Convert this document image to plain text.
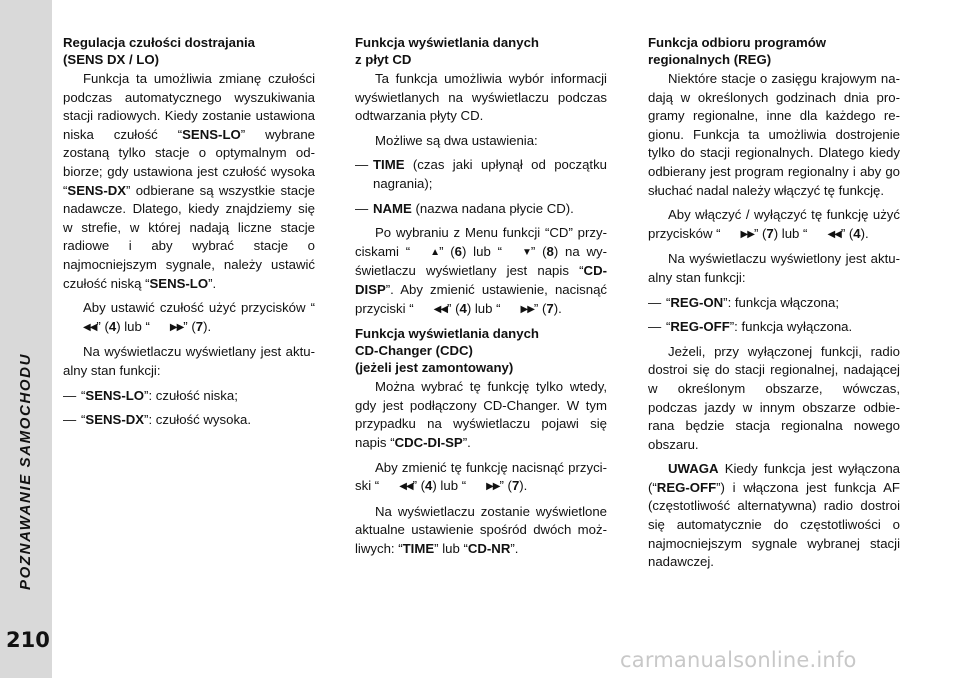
POZNAWANIE SAMOCHODU
210
Regulacja czułości dostrajania
(SENS DX / LO)

Funkcja ta umożliwia zmianę czułości podczas automatycznego wyszukiwania stacji radiowych. Kiedy zostanie ustawiona niska czułość “SENS-LO” wybrane zostaną tylko stacje o optymalnym odbiorze; gdy ustawiona jest czułość wysoka “SENS-DX” odbierane są wszystkie stacje nadawcze. Dlatego, kiedy znajdziemy się w strefie, w której nadają liczne stacje radiowe i aby wybrać stacje o najmocniejszym sygnale, należy ustawić czułość niską “SENS-LO”.

Aby ustawić czułość użyć przycisków “◀◀” (4) lub “ ▶▶” (7).

Na wyświetlaczu wyświetlany jest aktualny stan funkcji:

— “SENS-LO”: czułość niska;

— “SENS-DX”: czułość wysoka.

Funkcja wyświetlania danych
z płyt CD

Ta funkcja umożliwia wybór informacji wyświetlanych na wyświetlaczu podczas odtwarzania płyty CD.

Możliwe są dwa ustawienia:

— TIME (czas jaki upłynął od początku nagrania);

— NAME (nazwa nadana płycie CD).

Po wybraniu z Menu funkcji “CD” przyciskami “ ▲” (6) lub “ ▼” (8) na wyświetlaczu wyświetlany jest napis “CD-DISP”. Aby zmienić ustawienie, nacisnąć przyciski “ ◀◀” (4) lub “ ▶▶” (7).

Funkcja wyświetlania danych
CD-Changer (CDC)
(jeżeli jest zamontowany)

Można wybrać tę funkcję tylko wtedy, gdy jest podłączony CD-Changer. W tym przypadku na wyświetlaczu pojawi się napis “CDC-DI-SP”.

Aby zmienić tę funkcję nacisnąć przyciski “ ◀◀” (4) lub “ ▶▶” (7).

Na wyświetlaczu zostanie wyświetlone aktualne ustawienie spośród dwóch możliwych: “TIME” lub “CD-NR”.

Funkcja odbioru programów
regionalnych (REG)

Niektóre stacje o zasięgu krajowym nadają w określonych godzinach dnia programy regionalne, inne dla każdego regionu. Funkcja ta umożliwia dostrojenie tylko do stacji regionalnych. Dlatego kiedy odbierany jest program regionalny i aby go słuchać nadal należy włączyć tę funkcję.

Aby włączyć / wyłączyć tę funkcję użyć przycisków “ ▶▶” (7) lub “ ◀◀” (4).

Na wyświetlaczu wyświetlony jest aktualny stan funkcji:

— “REG-ON”: funkcja włączona;

— “REG-OFF”: funkcja wyłączona.

Jeżeli, przy wyłączonej funkcji, radio dostroi się do stacji regionalnej, nadającej w określonym obszarze, wówczas, podczas jazdy w innym obszarze odbierana będzie stacja regionalna nowego obszaru.

UWAGA Kiedy funkcja jest wyłączona (“REG-OFF”) i włączona jest funkcja AF (częstotliwość alternatywna) radio dostroi się automatycznie do częstotliwości o najmocniejszym sygnale wybranej stacji nadawczej.

carmanualsonline.info
